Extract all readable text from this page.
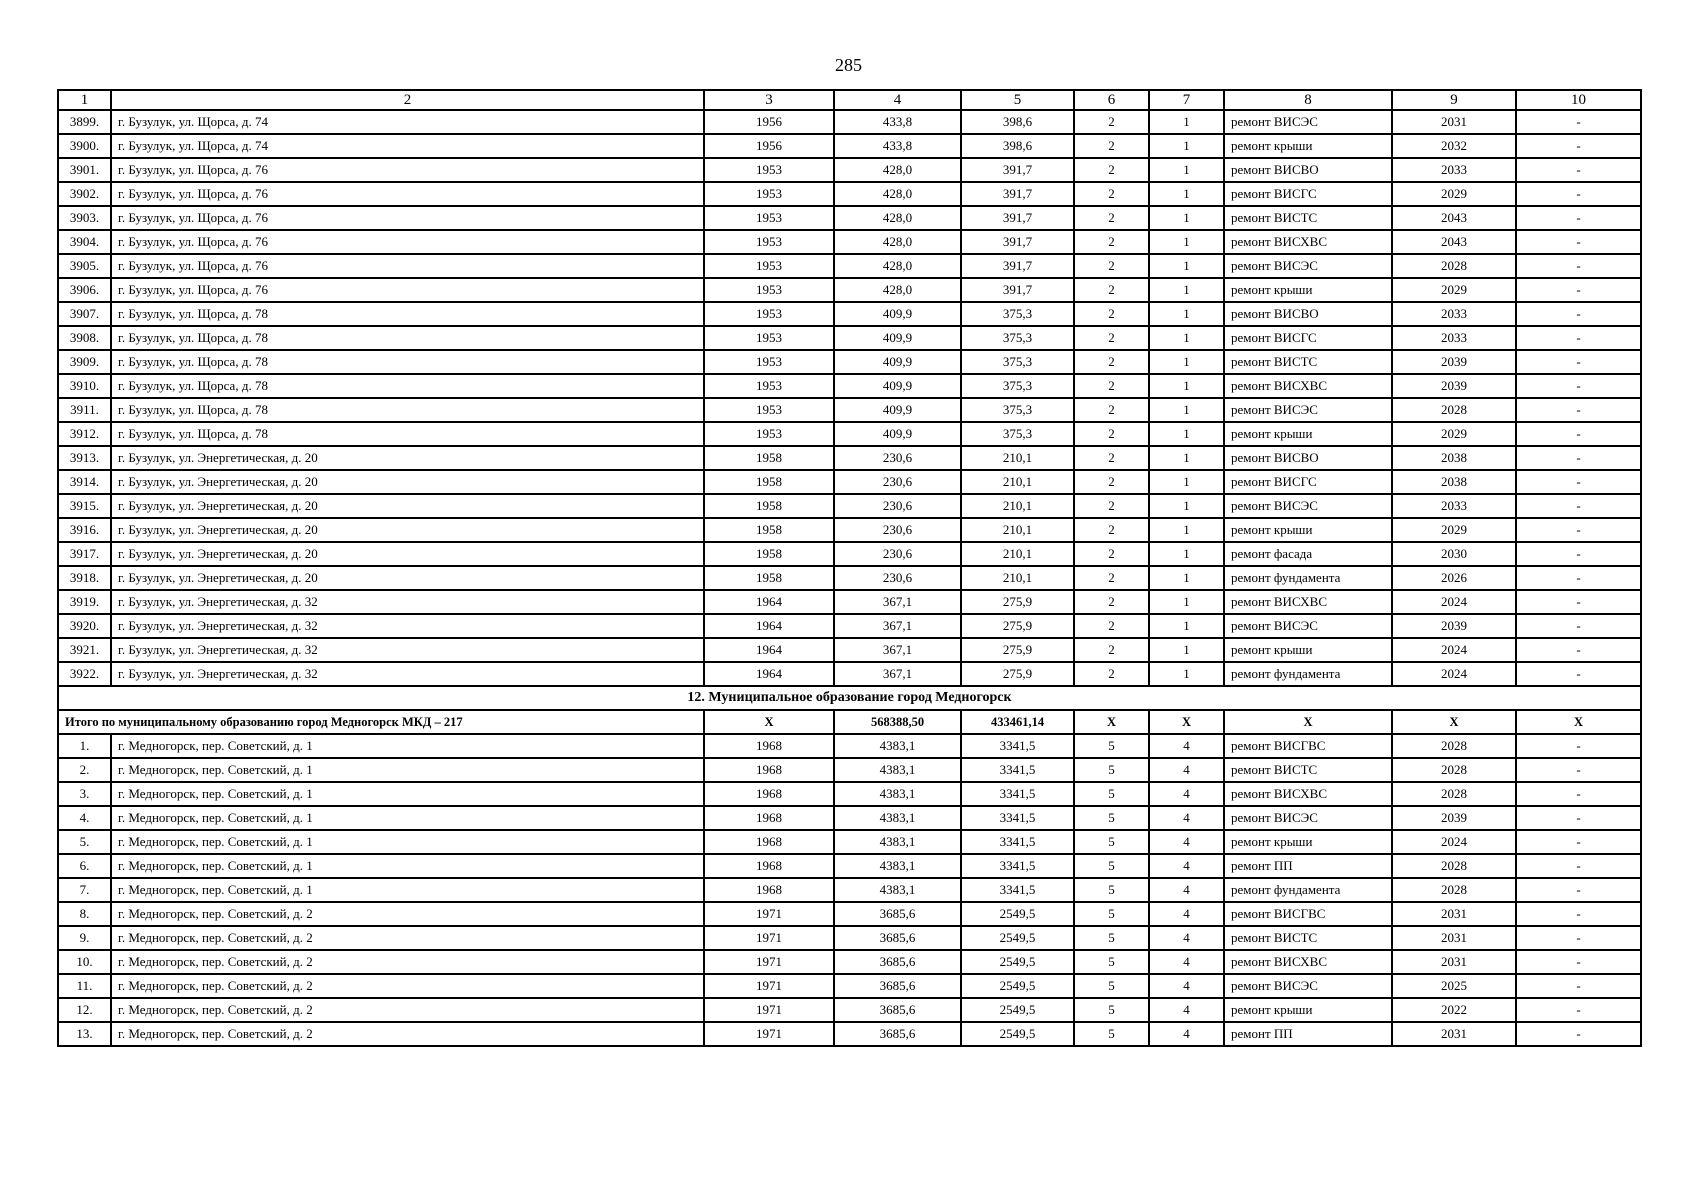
285
1	2	3	4	5	6	7	8	9	10
3899.	г. Бузулук, ул. Щорса, д. 74	1956	433,8	398,6	2	1	ремонт ВИСЭС	2031	-
3900.	г. Бузулук, ул. Щорса, д. 74	1956	433,8	398,6	2	1	ремонт крыши	2032	-
3901.	г. Бузулук, ул. Щорса, д. 76	1953	428,0	391,7	2	1	ремонт ВИСВО	2033	-
3902.	г. Бузулук, ул. Щорса, д. 76	1953	428,0	391,7	2	1	ремонт ВИСГС	2029	-
3903.	г. Бузулук, ул. Щорса, д. 76	1953	428,0	391,7	2	1	ремонт ВИСТС	2043	-
3904.	г. Бузулук, ул. Щорса, д. 76	1953	428,0	391,7	2	1	ремонт ВИСХВС	2043	-
3905.	г. Бузулук, ул. Щорса, д. 76	1953	428,0	391,7	2	1	ремонт ВИСЭС	2028	-
3906.	г. Бузулук, ул. Щорса, д. 76	1953	428,0	391,7	2	1	ремонт крыши	2029	-
3907.	г. Бузулук, ул. Щорса, д. 78	1953	409,9	375,3	2	1	ремонт ВИСВО	2033	-
3908.	г. Бузулук, ул. Щорса, д. 78	1953	409,9	375,3	2	1	ремонт ВИСГС	2033	-
3909.	г. Бузулук, ул. Щорса, д. 78	1953	409,9	375,3	2	1	ремонт ВИСТС	2039	-
3910.	г. Бузулук, ул. Щорса, д. 78	1953	409,9	375,3	2	1	ремонт ВИСХВС	2039	-
3911.	г. Бузулук, ул. Щорса, д. 78	1953	409,9	375,3	2	1	ремонт ВИСЭС	2028	-
3912.	г. Бузулук, ул. Щорса, д. 78	1953	409,9	375,3	2	1	ремонт крыши	2029	-
3913.	г. Бузулук, ул. Энергетическая, д. 20	1958	230,6	210,1	2	1	ремонт ВИСВО	2038	-
3914.	г. Бузулук, ул. Энергетическая, д. 20	1958	230,6	210,1	2	1	ремонт ВИСГС	2038	-
3915.	г. Бузулук, ул. Энергетическая, д. 20	1958	230,6	210,1	2	1	ремонт ВИСЭС	2033	-
3916.	г. Бузулук, ул. Энергетическая, д. 20	1958	230,6	210,1	2	1	ремонт крыши	2029	-
3917.	г. Бузулук, ул. Энергетическая, д. 20	1958	230,6	210,1	2	1	ремонт фасада	2030	-
3918.	г. Бузулук, ул. Энергетическая, д. 20	1958	230,6	210,1	2	1	ремонт фундамента	2026	-
3919.	г. Бузулук, ул. Энергетическая, д. 32	1964	367,1	275,9	2	1	ремонт ВИСХВС	2024	-
3920.	г. Бузулук, ул. Энергетическая, д. 32	1964	367,1	275,9	2	1	ремонт ВИСЭС	2039	-
3921.	г. Бузулук, ул. Энергетическая, д. 32	1964	367,1	275,9	2	1	ремонт крыши	2024	-
3922.	г. Бузулук, ул. Энергетическая, д. 32	1964	367,1	275,9	2	1	ремонт фундамента	2024	-
12. Муниципальное образование город Медногорск									
Итого по муниципальному образованию город Медногорск МКД – 217		X	568388,50	433461,14	X	X	X	X	X
1.	г. Медногорск, пер. Советский, д. 1	1968	4383,1	3341,5	5	4	ремонт ВИСГВС	2028	-
2.	г. Медногорск, пер. Советский, д. 1	1968	4383,1	3341,5	5	4	ремонт ВИСТС	2028	-
3.	г. Медногорск, пер. Советский, д. 1	1968	4383,1	3341,5	5	4	ремонт ВИСХВС	2028	-
4.	г. Медногорск, пер. Советский, д. 1	1968	4383,1	3341,5	5	4	ремонт ВИСЭС	2039	-
5.	г. Медногорск, пер. Советский, д. 1	1968	4383,1	3341,5	5	4	ремонт крыши	2024	-
6.	г. Медногорск, пер. Советский, д. 1	1968	4383,1	3341,5	5	4	ремонт ПП	2028	-
7.	г. Медногорск, пер. Советский, д. 1	1968	4383,1	3341,5	5	4	ремонт фундамента	2028	-
8.	г. Медногорск, пер. Советский, д. 2	1971	3685,6	2549,5	5	4	ремонт ВИСГВС	2031	-
9.	г. Медногорск, пер. Советский, д. 2	1971	3685,6	2549,5	5	4	ремонт ВИСТС	2031	-
10.	г. Медногорск, пер. Советский, д. 2	1971	3685,6	2549,5	5	4	ремонт ВИСХВС	2031	-
11.	г. Медногорск, пер. Советский, д. 2	1971	3685,6	2549,5	5	4	ремонт ВИСЭС	2025	-
12.	г. Медногорск, пер. Советский, д. 2	1971	3685,6	2549,5	5	4	ремонт крыши	2022	-
13.	г. Медногорск, пер. Советский, д. 2	1971	3685,6	2549,5	5	4	ремонт ПП	2031	-
